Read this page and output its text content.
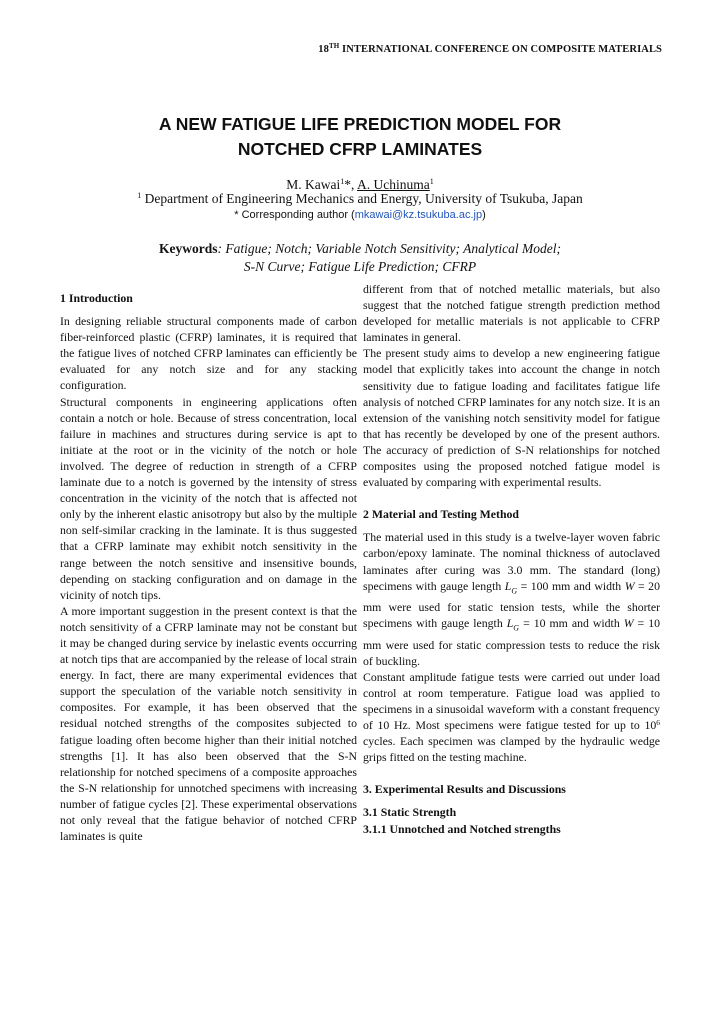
18TH INTERNATIONAL CONFERENCE ON COMPOSITE MATERIALS
A NEW FATIGUE LIFE PREDICTION MODEL FOR
NOTCHED CFRP LAMINATES
M. Kawai$^1$*, A. Uchinuma$^1$
$^1$ Department of Engineering Mechanics and Energy, University of Tsukuba, Japan
* Corresponding author (mkawai@kz.tsukuba.ac.jp)
Keywords: Fatigue; Notch; Variable Notch Sensitivity; Analytical Model;
S-N Curve; Fatigue Life Prediction; CFRP

1 Introduction

In designing reliable structural components made of carbon fiber-reinforced plastic (CFRP) laminates, it is required that the fatigue lives of notched CFRP laminates can efficiently be evaluated for any notch size and for any stacking configuration.

Structural components in engineering applications often contain a notch or hole. Because of stress concentration, local failure in machines and structures during service is apt to initiate at the root or in the vicinity of the notch or hole involved. The degree of reduction in strength of a CFRP laminate due to a notch is governed by the intensity of stress concentration in the vicinity of the notch that is affected not only by the inherent elastic anisotropy but also by the multiple non self-similar cracking in the laminate. It is thus suggested that a CFRP laminate may exhibit notch sensitivity in the range between the notch sensitive and insensitive bounds, depending on stacking configuration and on damage in the vicinity of notch tips.

A more important suggestion in the present context is that the notch sensitivity of a CFRP laminate may not be constant but it may be changed during service by inelastic events occurring at notch tips that are accompanied by the release of local strain energy. In fact, there are many experimental evidences that support the speculation of the variable notch sensitivity in composites. For example, it has been observed that the residual notched strengths of the composites subjected to fatigue loading often become higher than their initial notched strengths [1]. It has also been observed that the S-N relationship for notched specimens of a composite approaches the S-N relationship for unnotched specimens with increasing number of fatigue cycles [2]. These experimental observations not only reveal that the fatigue behavior of notched CFRP laminates is quite

different from that of notched metallic materials, but also suggest that the notched fatigue strength prediction method developed for metallic materials is not applicable to CFRP laminates in general.

The present study aims to develop a new engineering fatigue model that explicitly takes into account the change in notch sensitivity due to fatigue loading and facilitates fatigue life analysis of notched CFRP laminates for any notch size. It is an extension of the vanishing notch sensitivity model for fatigue that has recently be developed by one of the present authors. The accuracy of prediction of S-N relationships for notched composites using the proposed notched fatigue model is evaluated by comparing with experimental results.

2 Material and Testing Method

The material used in this study is a twelve-layer woven fabric carbon/epoxy laminate. The nominal thickness of autoclaved laminates after curing was 3.0 mm. The standard (long) specimens with gauge length $L_G = 100$ mm and width W = 20 mm were used for static tension tests, while the shorter specimens with gauge length $L_G = 10$ mm and width W = 10 mm were used for static compression tests to reduce the risk of buckling.

Constant amplitude fatigue tests were carried out under load control at room temperature. Fatigue load was applied to specimens in a sinusoidal waveform with a constant frequency of 10 Hz. Most specimens were fatigue tested for up to $10^6$ cycles. Each specimen was clamped by the hydraulic wedge grips fitted on the testing machine.

3. Experimental Results and Discussions

3.1 Static Strength

3.1.1 Unnotched and Notched strengths
